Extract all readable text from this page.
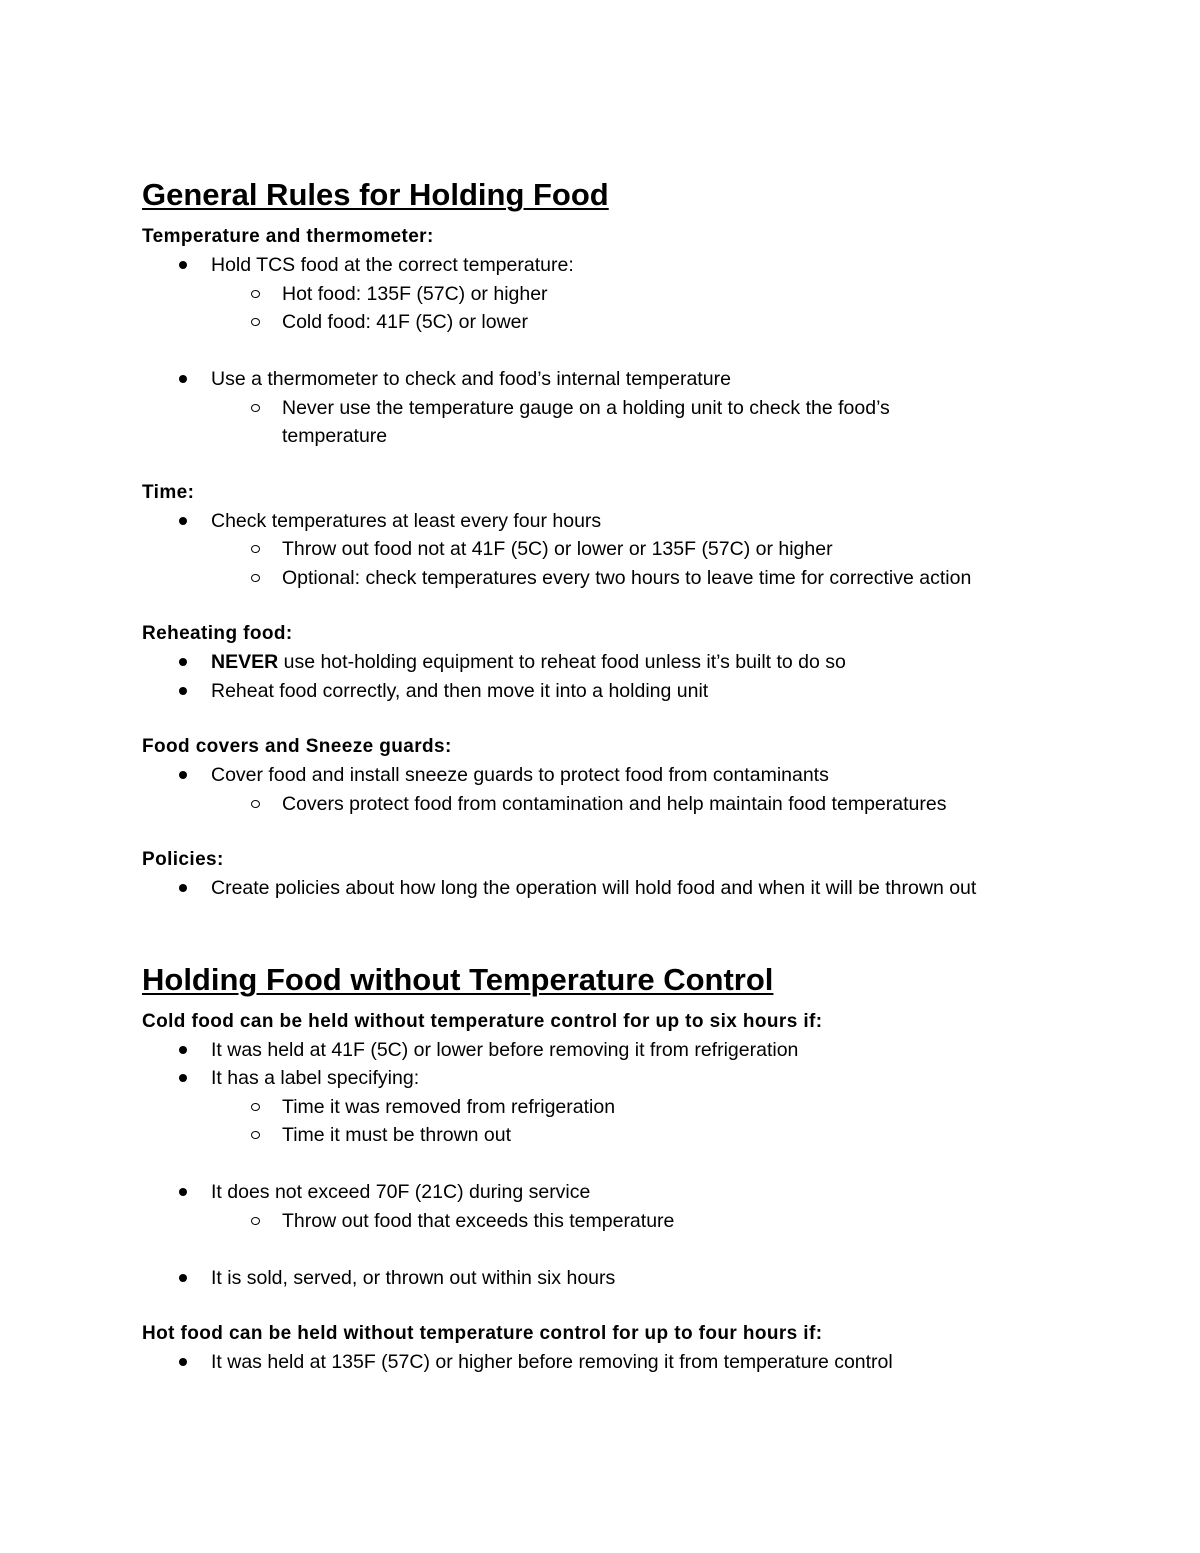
General Rules for Holding Food

Temperature and thermometer:

Hold TCS food at the correct temperature:
Hot food: 135F (57C) or higher
Cold food: 41F (5C) or lower
Use a thermometer to check and food’s internal temperature
Never use the temperature gauge on a holding unit to check the food’s temperature

Time:

Check temperatures at least every four hours
Throw out food not at 41F (5C) or lower or 135F (57C) or higher
Optional: check temperatures every two hours to leave time for corrective action

Reheating food:

NEVER use hot-holding equipment to reheat food unless it’s built to do so
Reheat food correctly, and then move it into a holding unit

Food covers and Sneeze guards:

Cover food and install sneeze guards to protect food from contaminants
Covers protect food from contamination and help maintain food temperatures

Policies:

Create policies about how long the operation will hold food and when it will be thrown out
Holding Food without Temperature Control

Cold food can be held without temperature control for up to six hours if:

It was held at 41F (5C) or lower before removing it from refrigeration
It has a label specifying:
Time it was removed from refrigeration
Time it must be thrown out
It does not exceed 70F (21C) during service
Throw out food that exceeds this temperature
It is sold, served, or thrown out within six hours

Hot food can be held without temperature control for up to four hours if:

It was held at 135F (57C) or higher before removing it from temperature control
